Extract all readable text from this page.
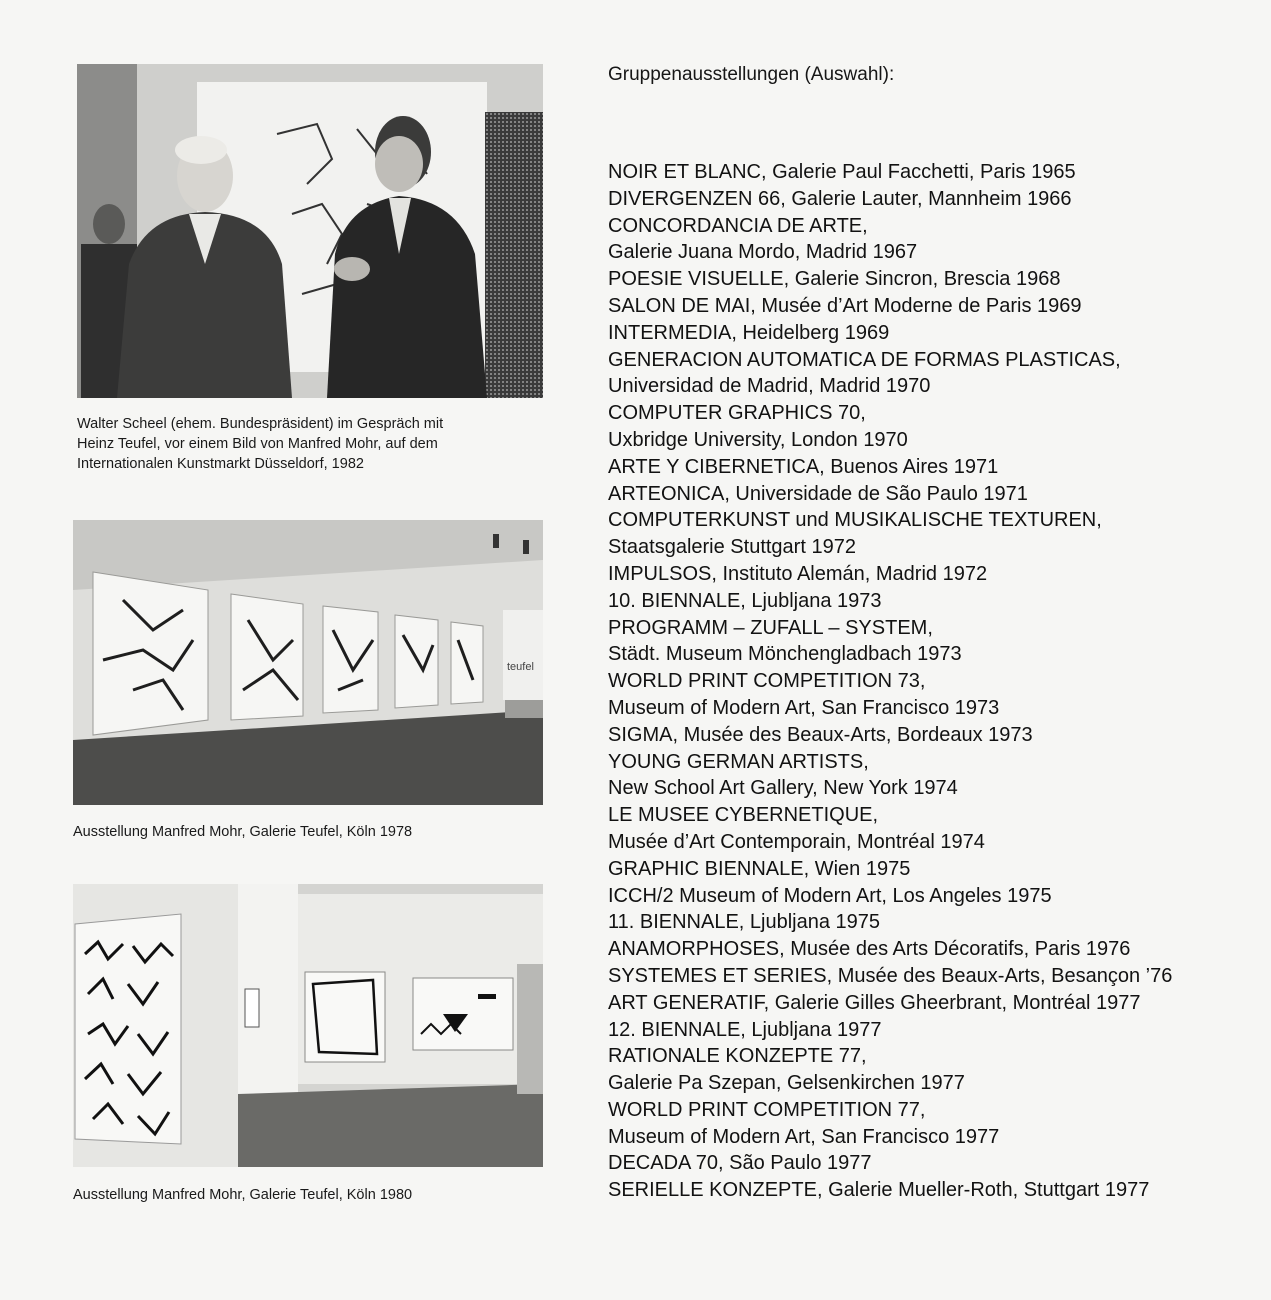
Walter Scheel (ehem. Bundespräsident) im Gespräch mit
Heinz Teufel, vor einem Bild von Manfred Mohr, auf dem
Internationalen Kunstmarkt Düsseldorf, 1982
teufel
Ausstellung Manfred Mohr, Galerie Teufel, Köln 1978
Ausstellung Manfred Mohr, Galerie Teufel, Köln 1980
Gruppenausstellungen (Auswahl):
NOIR ET BLANC, Galerie Paul Facchetti, Paris 1965
DIVERGENZEN 66, Galerie Lauter, Mannheim 1966
CONCORDANCIA DE ARTE,
Galerie Juana Mordo, Madrid 1967
POESIE VISUELLE, Galerie Sincron, Brescia 1968
SALON DE MAI, Musée d’Art Moderne de Paris 1969
INTERMEDIA, Heidelberg 1969
GENERACION AUTOMATICA DE FORMAS PLASTICAS,
Universidad de Madrid, Madrid 1970
COMPUTER GRAPHICS 70,
Uxbridge University, London 1970
ARTE Y CIBERNETICA, Buenos Aires 1971
ARTEONICA, Universidade de São Paulo 1971
COMPUTERKUNST und MUSIKALISCHE TEXTUREN,
Staatsgalerie Stuttgart 1972
IMPULSOS, Instituto Alemán, Madrid 1972
10. BIENNALE, Ljubljana 1973
PROGRAMM – ZUFALL – SYSTEM,
Städt. Museum Mönchengladbach 1973
WORLD PRINT COMPETITION 73,
Museum of Modern Art, San Francisco 1973
SIGMA, Musée des Beaux-Arts, Bordeaux 1973
YOUNG GERMAN ARTISTS,
New School Art Gallery, New York 1974
LE MUSEE CYBERNETIQUE,
Musée d’Art Contemporain, Montréal 1974
GRAPHIC BIENNALE, Wien 1975
ICCH/2 Museum of Modern Art, Los Angeles 1975
11. BIENNALE, Ljubljana 1975
ANAMORPHOSES, Musée des Arts Décoratifs, Paris 1976
SYSTEMES ET SERIES, Musée des Beaux-Arts, Besançon ’76
ART GENERATIF, Galerie Gilles Gheerbrant, Montréal 1977
12. BIENNALE, Ljubljana 1977
RATIONALE KONZEPTE 77,
Galerie Pa Szepan, Gelsenkirchen 1977
WORLD PRINT COMPETITION 77,
Museum of Modern Art, San Francisco 1977
DECADA 70, São Paulo 1977
SERIELLE KONZEPTE, Galerie Mueller-Roth, Stuttgart 1977
